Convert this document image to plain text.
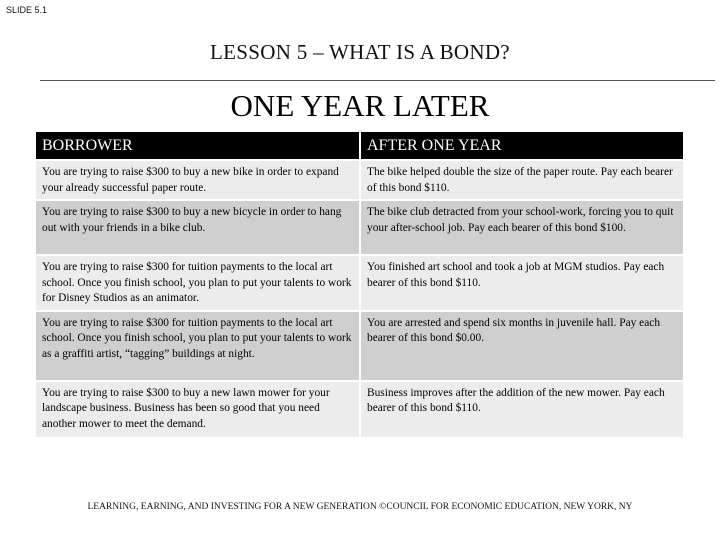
SLIDE 5.1
LESSON 5 – WHAT IS A BOND?
ONE YEAR LATER
BORROWER	AFTER ONE YEAR
You are trying to raise $300 to buy a new bike in order to expand your already successful paper route.	The bike helped double the size of the paper route. Pay each bearer of this bond $110.
You are trying to raise $300 to buy a new bicycle in order to hang out with your friends in a bike club.	The bike club detracted from your school-work, forcing you to quit your after-school job. Pay each bearer of this bond $100.
You are trying to raise $300 for tuition payments to the local art school. Once you finish school, you plan to put your talents to work for Disney Studios as an animator.	You finished art school and took a job at MGM studios. Pay each bearer of this bond $110.
You are trying to raise $300 for tuition payments to the local art school. Once you finish school, you plan to put your talents to work as a graffiti artist, “tagging” buildings at night.	You are arrested and spend six months in juvenile hall. Pay each bearer of this bond $0.00.
You are trying to raise $300 to buy a new lawn mower for your landscape business. Business has been so good that you need another mower to meet the demand.	Business improves after the addition of the new mower. Pay each bearer of this bond $110.
LEARNING, EARNING, AND INVESTING FOR A NEW GENERATION ©COUNCIL FOR ECONOMIC EDUCATION, NEW YORK, NY
